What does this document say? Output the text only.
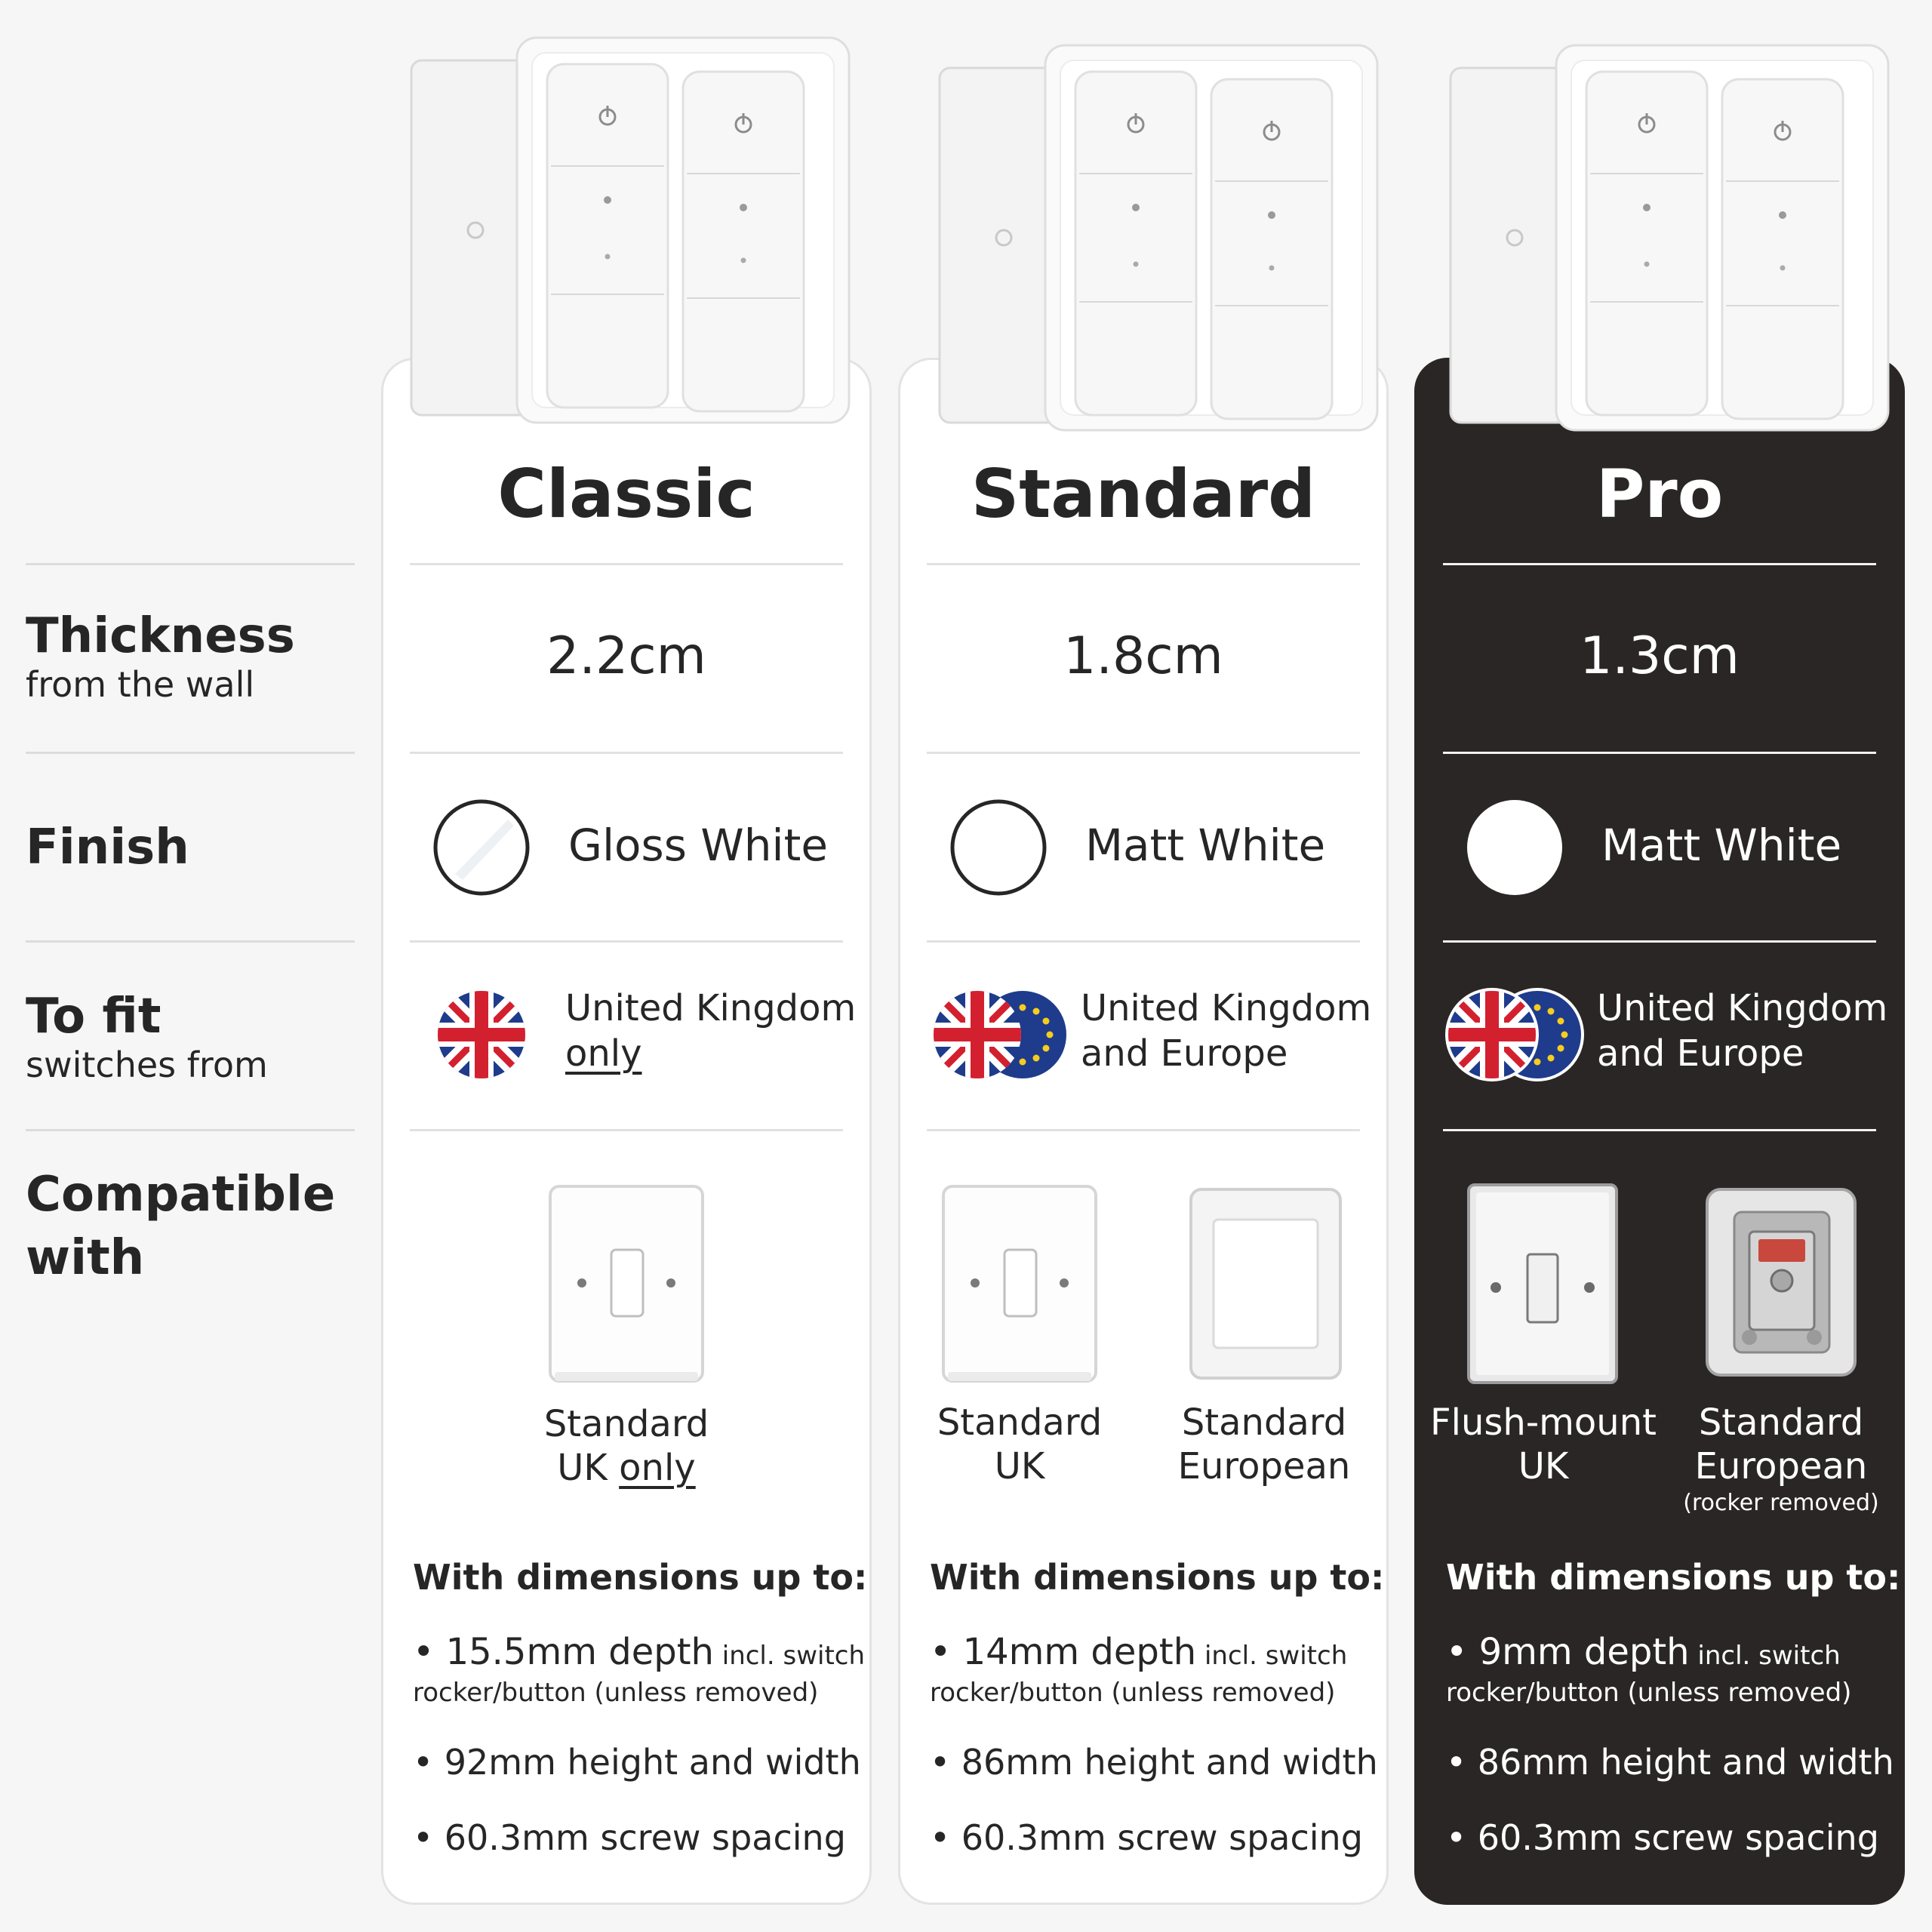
Thickness
from the wall
Finish
To fit
switches from
Compatible
with
Classic
2.2cm
Gloss White
United Kingdom
only
Standard
UK only
With dimensions up to:
• 15.5mm depth incl. switch
rocker/button (unless removed)
• 92mm height and width
• 60.3mm screw spacing
Standard
1.8cm
Matt White
United Kingdom
and Europe
Standard
UK
Standard
European
With dimensions up to:
• 14mm depth incl. switch
rocker/button (unless removed)
• 86mm height and width
• 60.3mm screw spacing
Pro
1.3cm
Matt White
United Kingdom
and Europe
Flush-mount
UK
Standard
European
(rocker removed)
With dimensions up to:
• 9mm depth incl. switch
rocker/button (unless removed)
• 86mm height and width
• 60.3mm screw spacing
